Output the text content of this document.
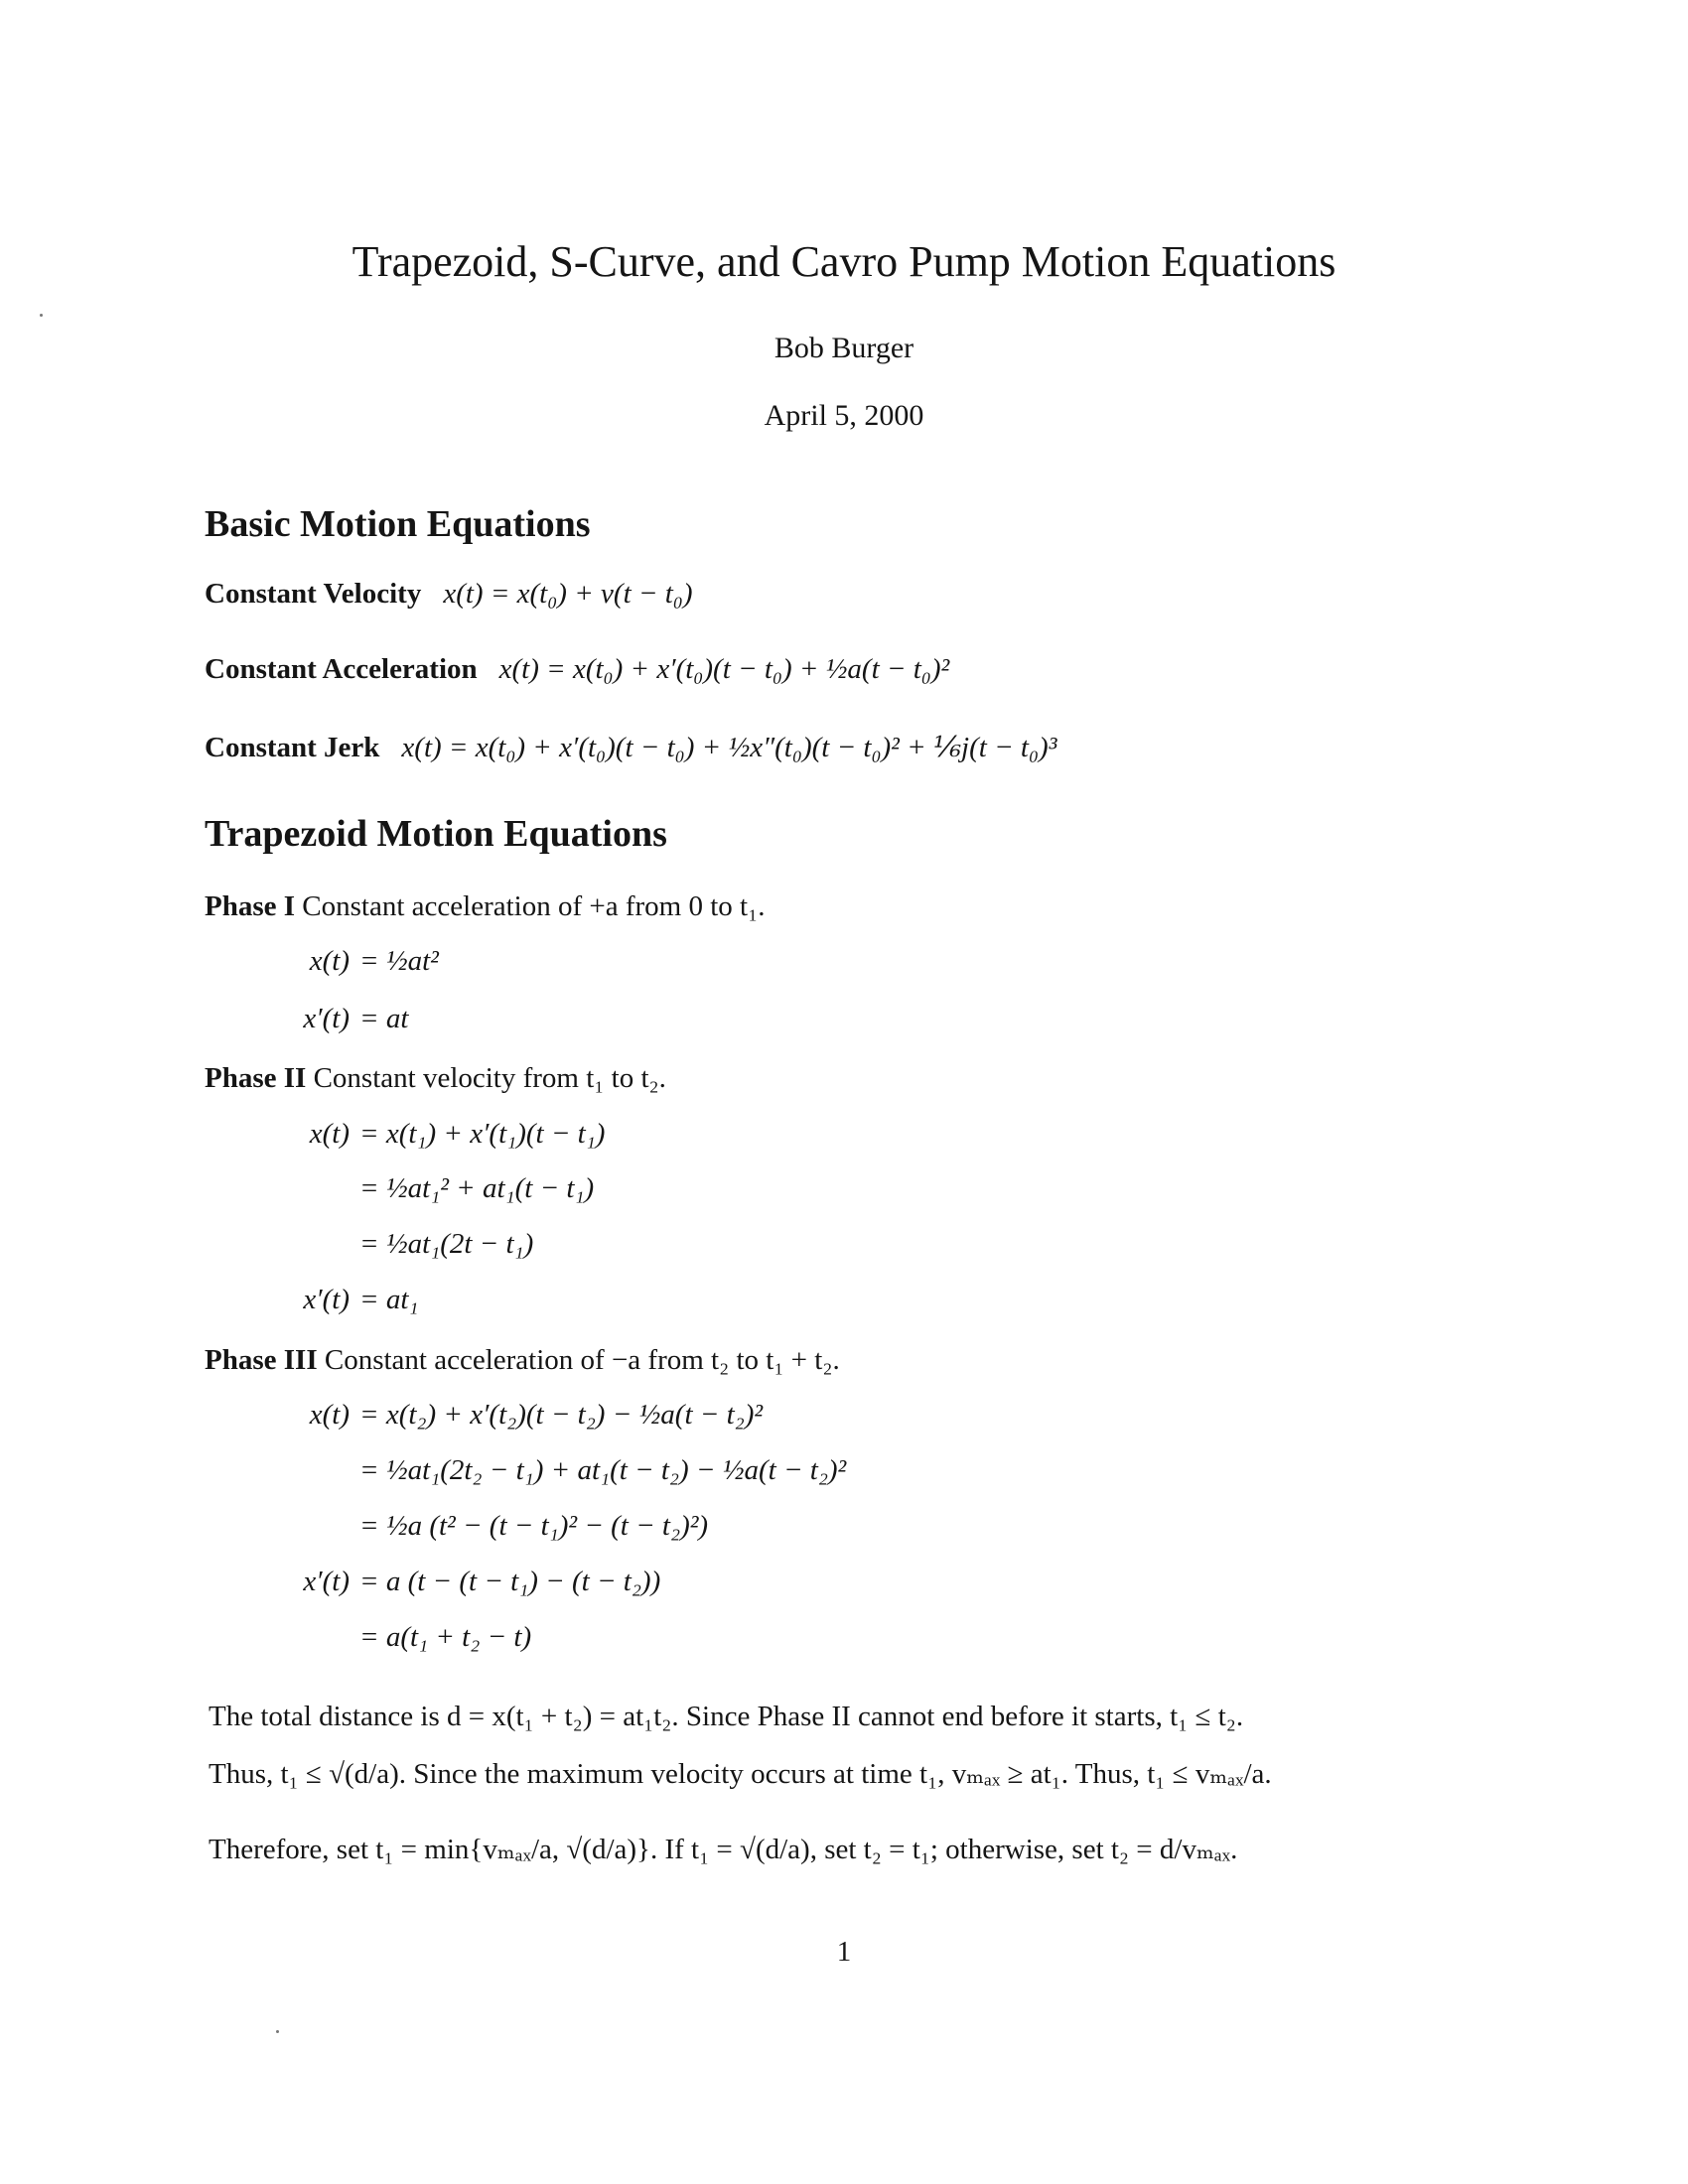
Trapezoid, S-Curve, and Cavro Pump Motion Equations
Bob Burger
April 5, 2000
Basic Motion Equations
Constant Velocity x(t) = x(t₀) + v(t − t₀)
Constant Acceleration x(t) = x(t₀) + x′(t₀)(t − t₀) + ½a(t − t₀)²
Constant Jerk x(t) = x(t₀) + x′(t₀)(t − t₀) + ½x″(t₀)(t − t₀)² + ⅙j(t − t₀)³
Trapezoid Motion Equations
Phase I Constant acceleration of +a from 0 to t₁.
x(t) = ½at²
x′(t) = at
Phase II Constant velocity from t₁ to t₂.
x(t) = x(t₁) + x′(t₁)(t − t₁)
= ½at₁² + at₁(t − t₁)
= ½at₁(2t − t₁)
x′(t) = at₁
Phase III Constant acceleration of −a from t₂ to t₁ + t₂.
x(t) = x(t₂) + x′(t₂)(t − t₂) − ½a(t − t₂)²
= ½at₁(2t₂ − t₁) + at₁(t − t₂) − ½a(t − t₂)²
= ½a (t² − (t − t₁)² − (t − t₂)²)
x′(t) = a (t − (t − t₁) − (t − t₂))
= a(t₁ + t₂ − t)
The total distance is d = x(t₁ + t₂) = at₁t₂. Since Phase II cannot end before it starts, t₁ ≤ t₂.
Thus, t₁ ≤ √(d/a). Since the maximum velocity occurs at time t₁, vₘₐₓ ≥ at₁. Thus, t₁ ≤ vₘₐₓ/a.
Therefore, set t₁ = min{vₘₐₓ/a, √(d/a)}. If t₁ = √(d/a), set t₂ = t₁; otherwise, set t₂ = d/vₘₐₓ.
1
